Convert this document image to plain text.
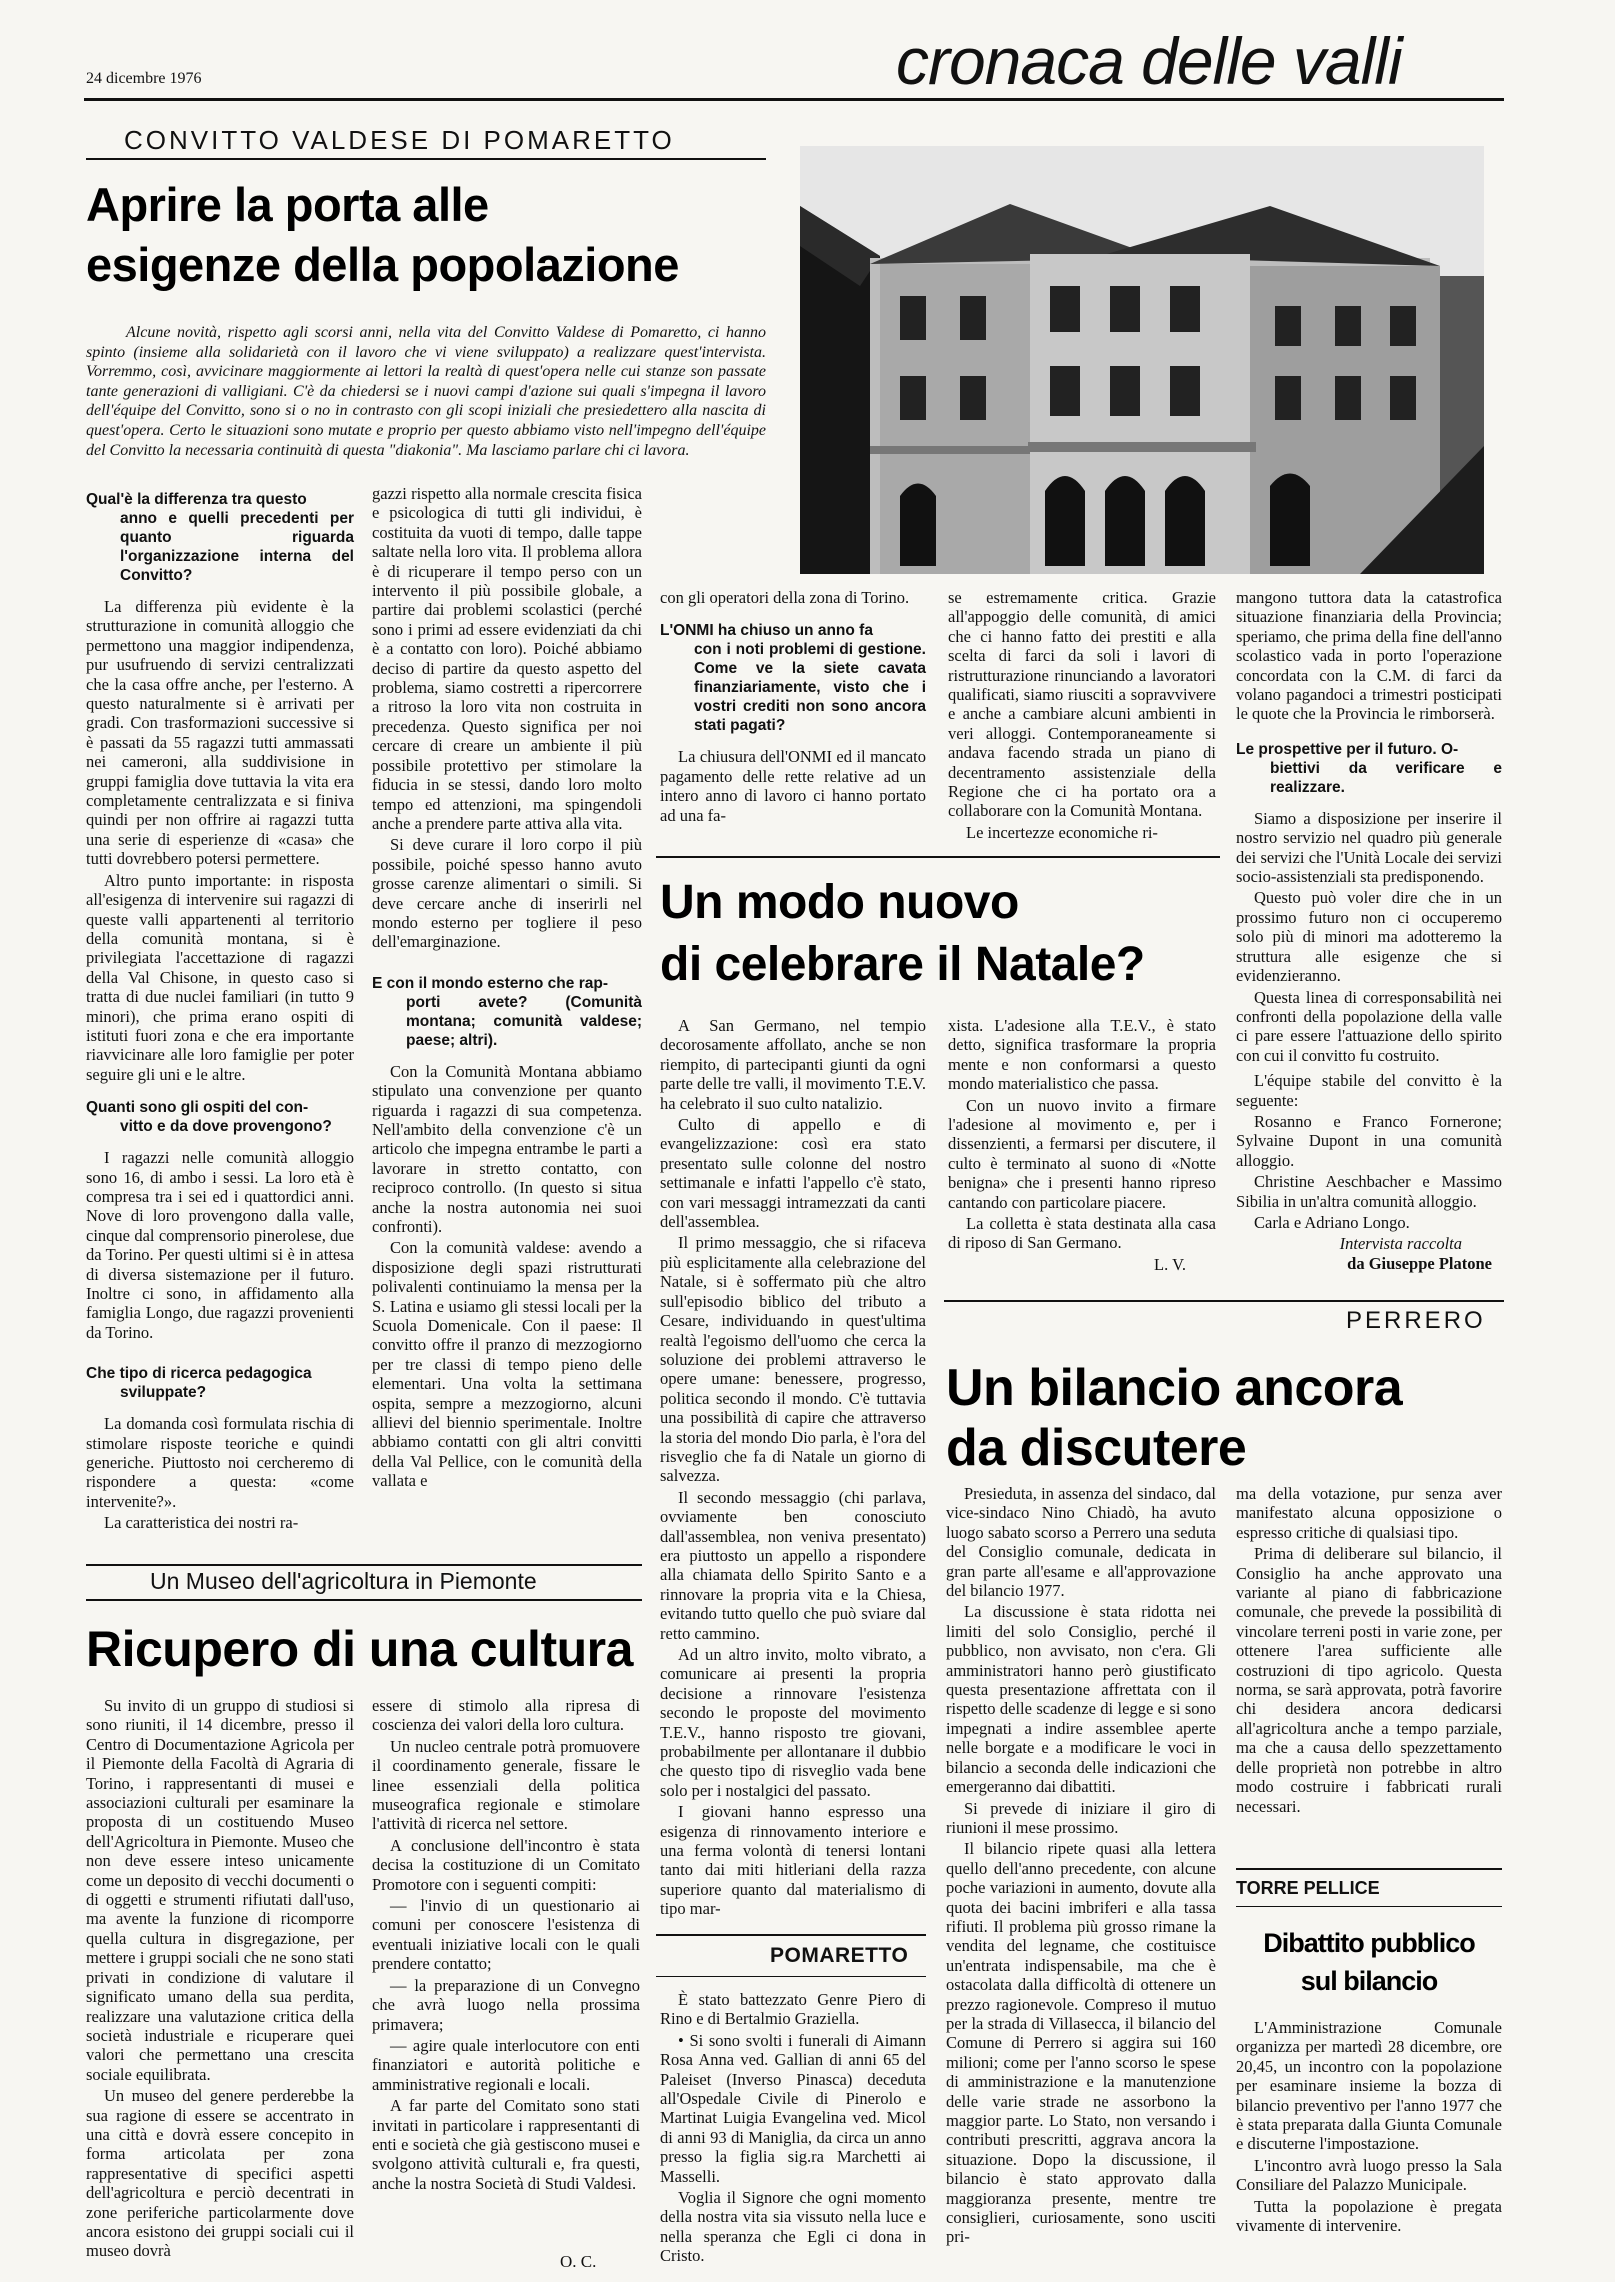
24 dicembre 1976	cronaca delle valli
CONVITTO VALDESE DI POMARETTO
Aprire la porta alle
esigenze della popolazione
Alcune novità, rispetto agli scorsi anni, nella vita del Convitto Valdese di Pomaretto, ci hanno spinto (insieme alla solidarietà con il lavoro che vi viene sviluppato) a realizzare quest'intervista. Vorremmo, così, avvicinare maggiormente ai lettori la realtà di quest'opera nelle cui stanze son passate tante generazioni di valligiani. C'è da chiedersi se i nuovi campi d'azione sui quali s'impegna il lavoro dell'équipe del Convitto, sono si o no in contrasto con gli scopi iniziali che presiedettero alla nascita di quest'opera. Certo le situazioni sono mutate e proprio per questo abbiamo visto nell'impegno dell'équipe del Convitto la necessaria continuità di questa "diakonia". Ma lasciamo parlare chi ci lavora.
Qual'è la differenza tra questo
anno e quelli precedenti per quanto riguarda l'organizzazione interna del Convitto?

La differenza più evidente è la strutturazione in comunità alloggio che permettono una maggior indipendenza, pur usufruendo di servizi centralizzati che la casa offre anche, per l'esterno. A questo naturalmente si è arrivati per gradi. Con trasformazioni successive si è passati da 55 ragazzi tutti ammassati nei cameroni, alla suddivisione in gruppi famiglia dove tuttavia la vita era completamente centralizzata e si finiva quindi per non offrire ai ragazzi tutta una serie di esperienze di «casa» che tutti dovrebbero potersi permettere.

Altro punto importante: in risposta all'esigenza di intervenire sui ragazzi di queste valli appartenenti al territorio della comunità montana, si è privilegiata l'accettazione di ragazzi della Val Chisone, in questo caso si tratta di due nuclei familiari (in tutto 9 minori), che prima erano ospiti di istituti fuori zona e che era importante riavvicinare alle loro famiglie per poter seguire gli uni e le altre.

Quanti sono gli ospiti del con-
vitto e da dove provengono?

I ragazzi nelle comunità alloggio sono 16, di ambo i sessi. La loro età è compresa tra i sei ed i quattordici anni. Nove di loro provengono dalla valle, cinque dal comprensorio pinerolese, due da Torino. Per questi ultimi si è in attesa di diversa sistemazione per il futuro. Inoltre ci sono, in affidamento alla famiglia Longo, due ragazzi provenienti da Torino.

Che tipo di ricerca pedagogica
sviluppate?

La domanda così formulata rischia di stimolare risposte teoriche e quindi generiche. Piuttosto noi cercheremo di rispondere a questa: «come intervenite?».

La caratteristica dei nostri ra-

gazzi rispetto alla normale crescita fisica e psicologica di tutti gli individui, è costituita da vuoti di tempo, dalle tappe saltate nella loro vita. Il problema allora è di ricuperare il tempo perso con un intervento il più possibile globale, a partire dai problemi scolastici (perché sono i primi ad essere evidenziati da chi è a contatto con loro). Poiché abbiamo deciso di partire da questo aspetto del problema, siamo costretti a ripercorrere a ritroso la loro vita non costruita in precedenza. Questo significa per noi cercare di creare un ambiente il più possibile protettivo per stimolare la fiducia in se stessi, dando loro molto tempo ed attenzioni, ma spingendoli anche a prendere parte attiva alla vita.

Si deve curare il loro corpo il più possibile, poiché spesso hanno avuto grosse carenze alimentari o simili. Si deve cercare anche di inserirli nel mondo esterno per togliere il peso dell'emarginazione.

E con il mondo esterno che rap-
porti avete? (Comunità montana; comunità valdese; paese; altri).

Con la Comunità Montana abbiamo stipulato una convenzione per quanto riguarda i ragazzi di sua competenza. Nell'ambito della convenzione c'è un articolo che impegna entrambe le parti a lavorare in stretto contatto, con reciproco controllo. (In questo si situa anche la nostra autonomia nei suoi confronti).

Con la comunità valdese: avendo a disposizione degli spazi ristrutturati polivalenti continuiamo la mensa per la S. Latina e usiamo gli stessi locali per la Scuola Domenicale. Con il paese: Il convitto offre il pranzo di mezzogiorno per tre classi di tempo pieno delle elementari. Una volta la settimana ospita, sempre a mezzogiorno, alcuni allievi del biennio sperimentale. Inoltre abbiamo contatti con gli altri convitti della Val Pellice, con le comunità della vallata e

con gli operatori della zona di Torino.

L'ONMI ha chiuso un anno fa
con i noti problemi di gestione. Come ve la siete cavata finanziariamente, visto che i vostri crediti non sono ancora stati pagati?

La chiusura dell'ONMI ed il mancato pagamento delle rette relative ad un intero anno di lavoro ci hanno portato ad una fa-

se estremamente critica. Grazie all'appoggio delle comunità, di amici che ci hanno fatto dei prestiti e alla scelta di farci da soli i lavori di ristrutturazione rinunciando a lavoratori qualificati, siamo riusciti a sopravvivere e anche a cambiare alcuni ambienti in veri alloggi. Contemporaneamente si andava facendo strada un piano di decentramento assistenziale della Regione che ci ha portato ora a collaborare con la Comunità Montana.

Le incertezze economiche ri-

mangono tuttora data la catastrofica situazione finanziaria della Provincia; speriamo, che prima della fine dell'anno scolastico vada in porto l'operazione concordata con la C.M. di farci da volano pagandoci a trimestri posticipati le quote che la Provincia le rimborserà.

Le prospettive per il futuro. O-
biettivi da verificare e realizzare.

Siamo a disposizione per inserire il nostro servizio nel quadro più generale dei servizi che l'Unità Locale dei servizi socio-assistenziali sta predisponendo.

Questo può voler dire che in un prossimo futuro non ci occuperemo solo più di minori ma adotteremo la struttura alle esigenze che si evidenzieranno.

Questa linea di corresponsabilità nei confronti della popolazione della valle ci pare essere l'attuazione dello spirito con cui il convitto fu costruito.

L'équipe stabile del convitto è la seguente:

Rosanno e Franco Fornerone; Sylvaine Dupont in una comunità alloggio.

Christine Aeschbacher e Massimo Sibilia in un'altra comunità alloggio.

Carla e Adriano Longo.

Intervista raccolta
da Giuseppe Platone
Un modo nuovo
di celebrare il Natale?

A San Germano, nel tempio decorosamente affollato, anche se non riempito, di partecipanti giunti da ogni parte delle tre valli, il movimento T.E.V. ha celebrato il suo culto natalizio.

Culto di appello e di evangelizzazione: così era stato presentato sulle colonne del nostro settimanale e infatti l'appello c'è stato, con vari messaggi intramezzati da canti dell'assemblea.

Il primo messaggio, che si rifaceva più esplicitamente alla celebrazione del Natale, si è soffermato più che altro sull'episodio biblico del tributo a Cesare, individuando in quest'ultima realtà l'egoismo dell'uomo che cerca la soluzione dei problemi attraverso le opere umane: benessere, progresso, politica secondo il mondo. C'è tuttavia una possibilità di capire che attraverso la storia del mondo Dio parla, è l'ora del risveglio che fa di Natale un giorno di salvezza.

Il secondo messaggio (chi parlava, ovviamente ben conosciuto dall'assemblea, non veniva presentato) era piuttosto un appello a rispondere alla chiamata dello Spirito Santo e a rinnovare la propria vita e la Chiesa, evitando tutto quello che può sviare dal retto cammino.

Ad un altro invito, molto vibrato, a comunicare ai presenti la propria decisione a rinnovare l'esistenza secondo le proposte del movimento T.E.V., hanno risposto tre giovani, probabilmente per allontanare il dubbio che questo tipo di risveglio vada bene solo per i nostalgici del passato.

I giovani hanno espresso una esigenza di rinnovamento interiore e una ferma volontà di tenersi lontani tanto dai miti hitleriani della razza superiore quanto dal materialismo di tipo mar-

xista. L'adesione alla T.E.V., è stato detto, significa trasformare la propria mente e non conformarsi a questo mondo materialistico che passa.

Con un nuovo invito a firmare l'adesione al movimento e, per i dissenzienti, a fermarsi per discutere, il culto è terminato al suono di «Notte benigna» che i presenti hanno ripreso cantando con particolare piacere.

La colletta è stata destinata alla casa di riposo di San Germano.

L. V.
PERRERO
Un bilancio ancora
da discutere

Presieduta, in assenza del sindaco, dal vice-sindaco Nino Chiadò, ha avuto luogo sabato scorso a Perrero una seduta del Consiglio comunale, dedicata in gran parte all'esame e all'approvazione del bilancio 1977.

La discussione è stata ridotta nei limiti del solo Consiglio, perché il pubblico, non avvisato, non c'era. Gli amministratori hanno però giustificato questa presentazione affrettata con il rispetto delle scadenze di legge e si sono impegnati a indire assemblee aperte nelle borgate e a modificare le voci in bilancio a seconda delle indicazioni che emergeranno dai dibattiti.

Si prevede di iniziare il giro di riunioni il mese prossimo.

Il bilancio ripete quasi alla lettera quello dell'anno precedente, con alcune poche variazioni in aumento, dovute alla quota dei bacini imbriferi e alla tassa rifiuti. Il problema più grosso rimane la vendita del legname, che costituisce un'entrata indispensabile, ma che è ostacolata dalla difficoltà di ottenere un prezzo ragionevole. Compreso il mutuo per la strada di Villasecca, il bilancio del Comune di Perrero si aggira sui 160 milioni; come per l'anno scorso le spese di amministrazione e la manutenzione delle varie strade ne assorbono la maggior parte. Lo Stato, non versando i contributi prescritti, aggrava ancora la situazione. Dopo la discussione, il bilancio è stato approvato dalla maggioranza presente, mentre tre consiglieri, curiosamente, sono usciti pri-

ma della votazione, pur senza aver manifestato alcuna opposizione o espresso critiche di qualsiasi tipo.

Prima di deliberare sul bilancio, il Consiglio ha anche approvato una variante al piano di fabbricazione comunale, che prevede la possibilità di vincolare terreni posti in varie zone, per ottenere l'area sufficiente alle costruzioni di tipo agricolo. Questa norma, se sarà approvata, potrà favorire chi desidera ancora dedicarsi all'agricoltura anche a tempo parziale, ma che a causa dello spezzettamento delle proprietà non potrebbe in altro modo costruire i fabbricati rurali necessari.

Un Museo dell'agricoltura in Piemonte
Ricupero di una cultura

Su invito di un gruppo di studiosi si sono riuniti, il 14 dicembre, presso il Centro di Documentazione Agricola per il Piemonte della Facoltà di Agraria di Torino, i rappresentanti di musei e associazioni culturali per esaminare la proposta di un costituendo Museo dell'Agricoltura in Piemonte. Museo che non deve essere inteso unicamente come un deposito di vecchi documenti o di oggetti e strumenti rifiutati dall'uso, ma avente la funzione di ricomporre quella cultura in disgregazione, per mettere i gruppi sociali che ne sono stati privati in condizione di valutare il significato umano della sua perdita, realizzare una valutazione critica della società industriale e ricuperare quei valori che permettano una crescita sociale equilibrata.

Un museo del genere perderebbe la sua ragione di essere se accentrato in una città e dovrà essere concepito in forma articolata per zona rappresentative di specifici aspetti dell'agricoltura e perciò decentrati in zone periferiche particolarmente dove ancora esistono dei gruppi sociali cui il museo dovrà

essere di stimolo alla ripresa di coscienza dei valori della loro cultura.

Un nucleo centrale potrà promuovere il coordinamento generale, fissare le linee essenziali della politica museografica regionale e stimolare l'attività di ricerca nel settore.

A conclusione dell'incontro è stata decisa la costituzione di un Comitato Promotore con i seguenti compiti:

— l'invio di un questionario ai comuni per conoscere l'esistenza di eventuali iniziative locali con le quali prendere contatto;

— la preparazione di un Convegno che avrà luogo nella prossima primavera;

— agire quale interlocutore con enti finanziatori e autorità politiche e amministrative regionali e locali.

A far parte del Comitato sono stati invitati in particolare i rappresentanti di enti e società che già gestiscono musei e svolgono attività culturali e, fra questi, anche la nostra Società di Studi Valdesi.

POMARETTO

È stato battezzato Genre Piero di Rino e di Bertalmio Graziella.

• Si sono svolti i funerali di Aimann Rosa Anna ved. Gallian di anni 65 del Paleiset (Inverso Pinasca) deceduta all'Ospedale Civile di Pinerolo e Martinat Luigia Evangelina ved. Micol di anni 93 di Maniglia, da circa un anno presso la figlia sig.ra Marchetti ai Masselli.

Voglia il Signore che ogni momento della nostra vita sia vissuto nella luce e nella speranza che Egli ci dona in Cristo.

O. C.
TORRE PELLICE
Dibattito pubblico
sul bilancio

L'Amministrazione Comunale organizza per martedì 28 dicembre, ore 20,45, un incontro con la popolazione per esaminare insieme la bozza di bilancio preventivo per l'anno 1977 che è stata preparata dalla Giunta Comunale e discuterne l'impostazione.

L'incontro avrà luogo presso la Sala Consiliare del Palazzo Municipale.

Tutta la popolazione è pregata vivamente di intervenire.
